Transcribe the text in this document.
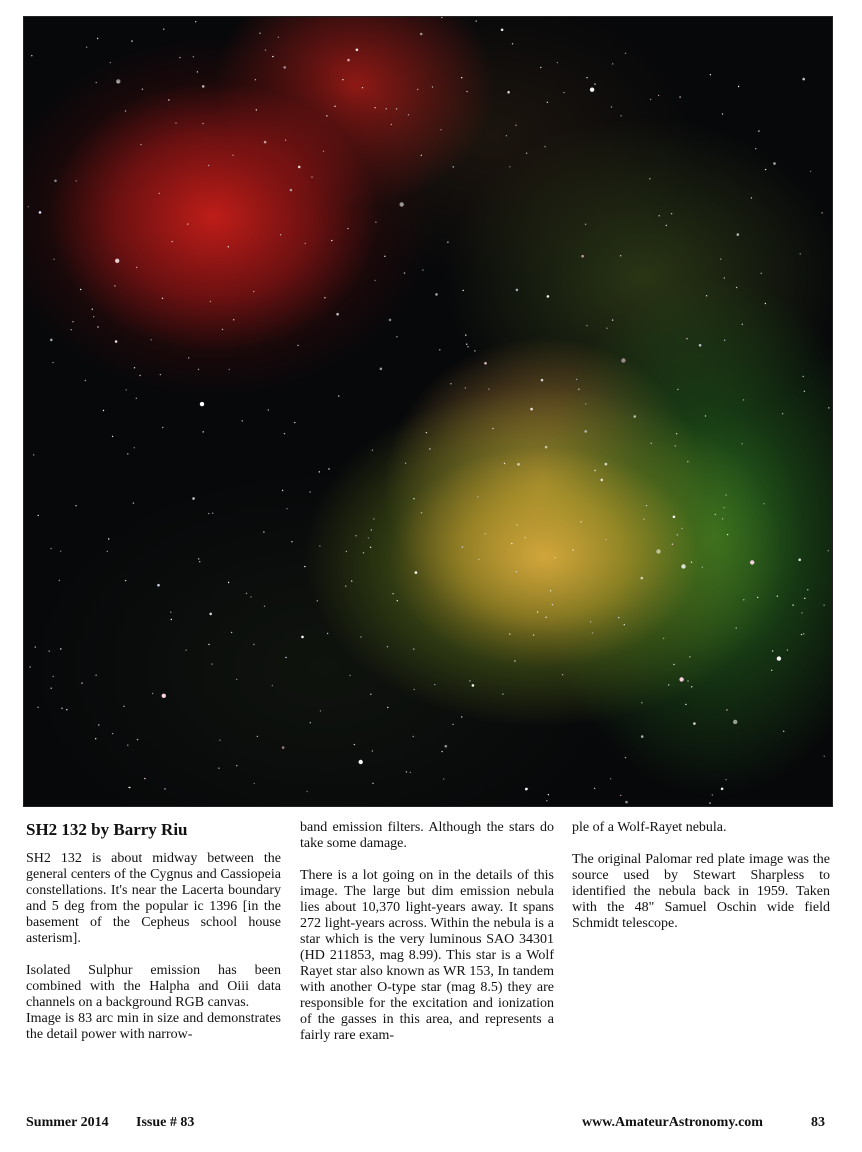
SH2 132 by Barry Riu

SH2 132 is about midway between the general centers of the Cygnus and Cassiopeia constellations. It's near the Lacerta boundary and 5 deg from the popular ic 1396 [in the basement of the Cepheus school house asterism].

Isolated Sulphur emission has been combined with the Halpha and Oiii data channels on a background RGB canvas.

Image is 83 arc min in size and demonstrates the detail power with narrow-

band emission filters. Although the stars do take some damage.

There is a lot going on in the details of this image. The large but dim emission nebula lies about 10,370 light-years away. It spans 272 light-years across. Within the nebula is a star which is the very luminous SAO 34301 (HD 211853, mag 8.99). This star is a Wolf Rayet star also known as WR 153, In tandem with another O-type star (mag 8.5) they are responsible for the excitation and ionization of the gasses in this area, and represents a fairly rare exam-

ple of a Wolf-Rayet nebula.

The original Palomar red plate image was the source used by Stewart Sharpless to identified the nebula back in 1959. Taken with the 48" Samuel Oschin wide field Schmidt telescope.

Summer 2014 Issue # 83	www.AmateurAstronomy.com	83
